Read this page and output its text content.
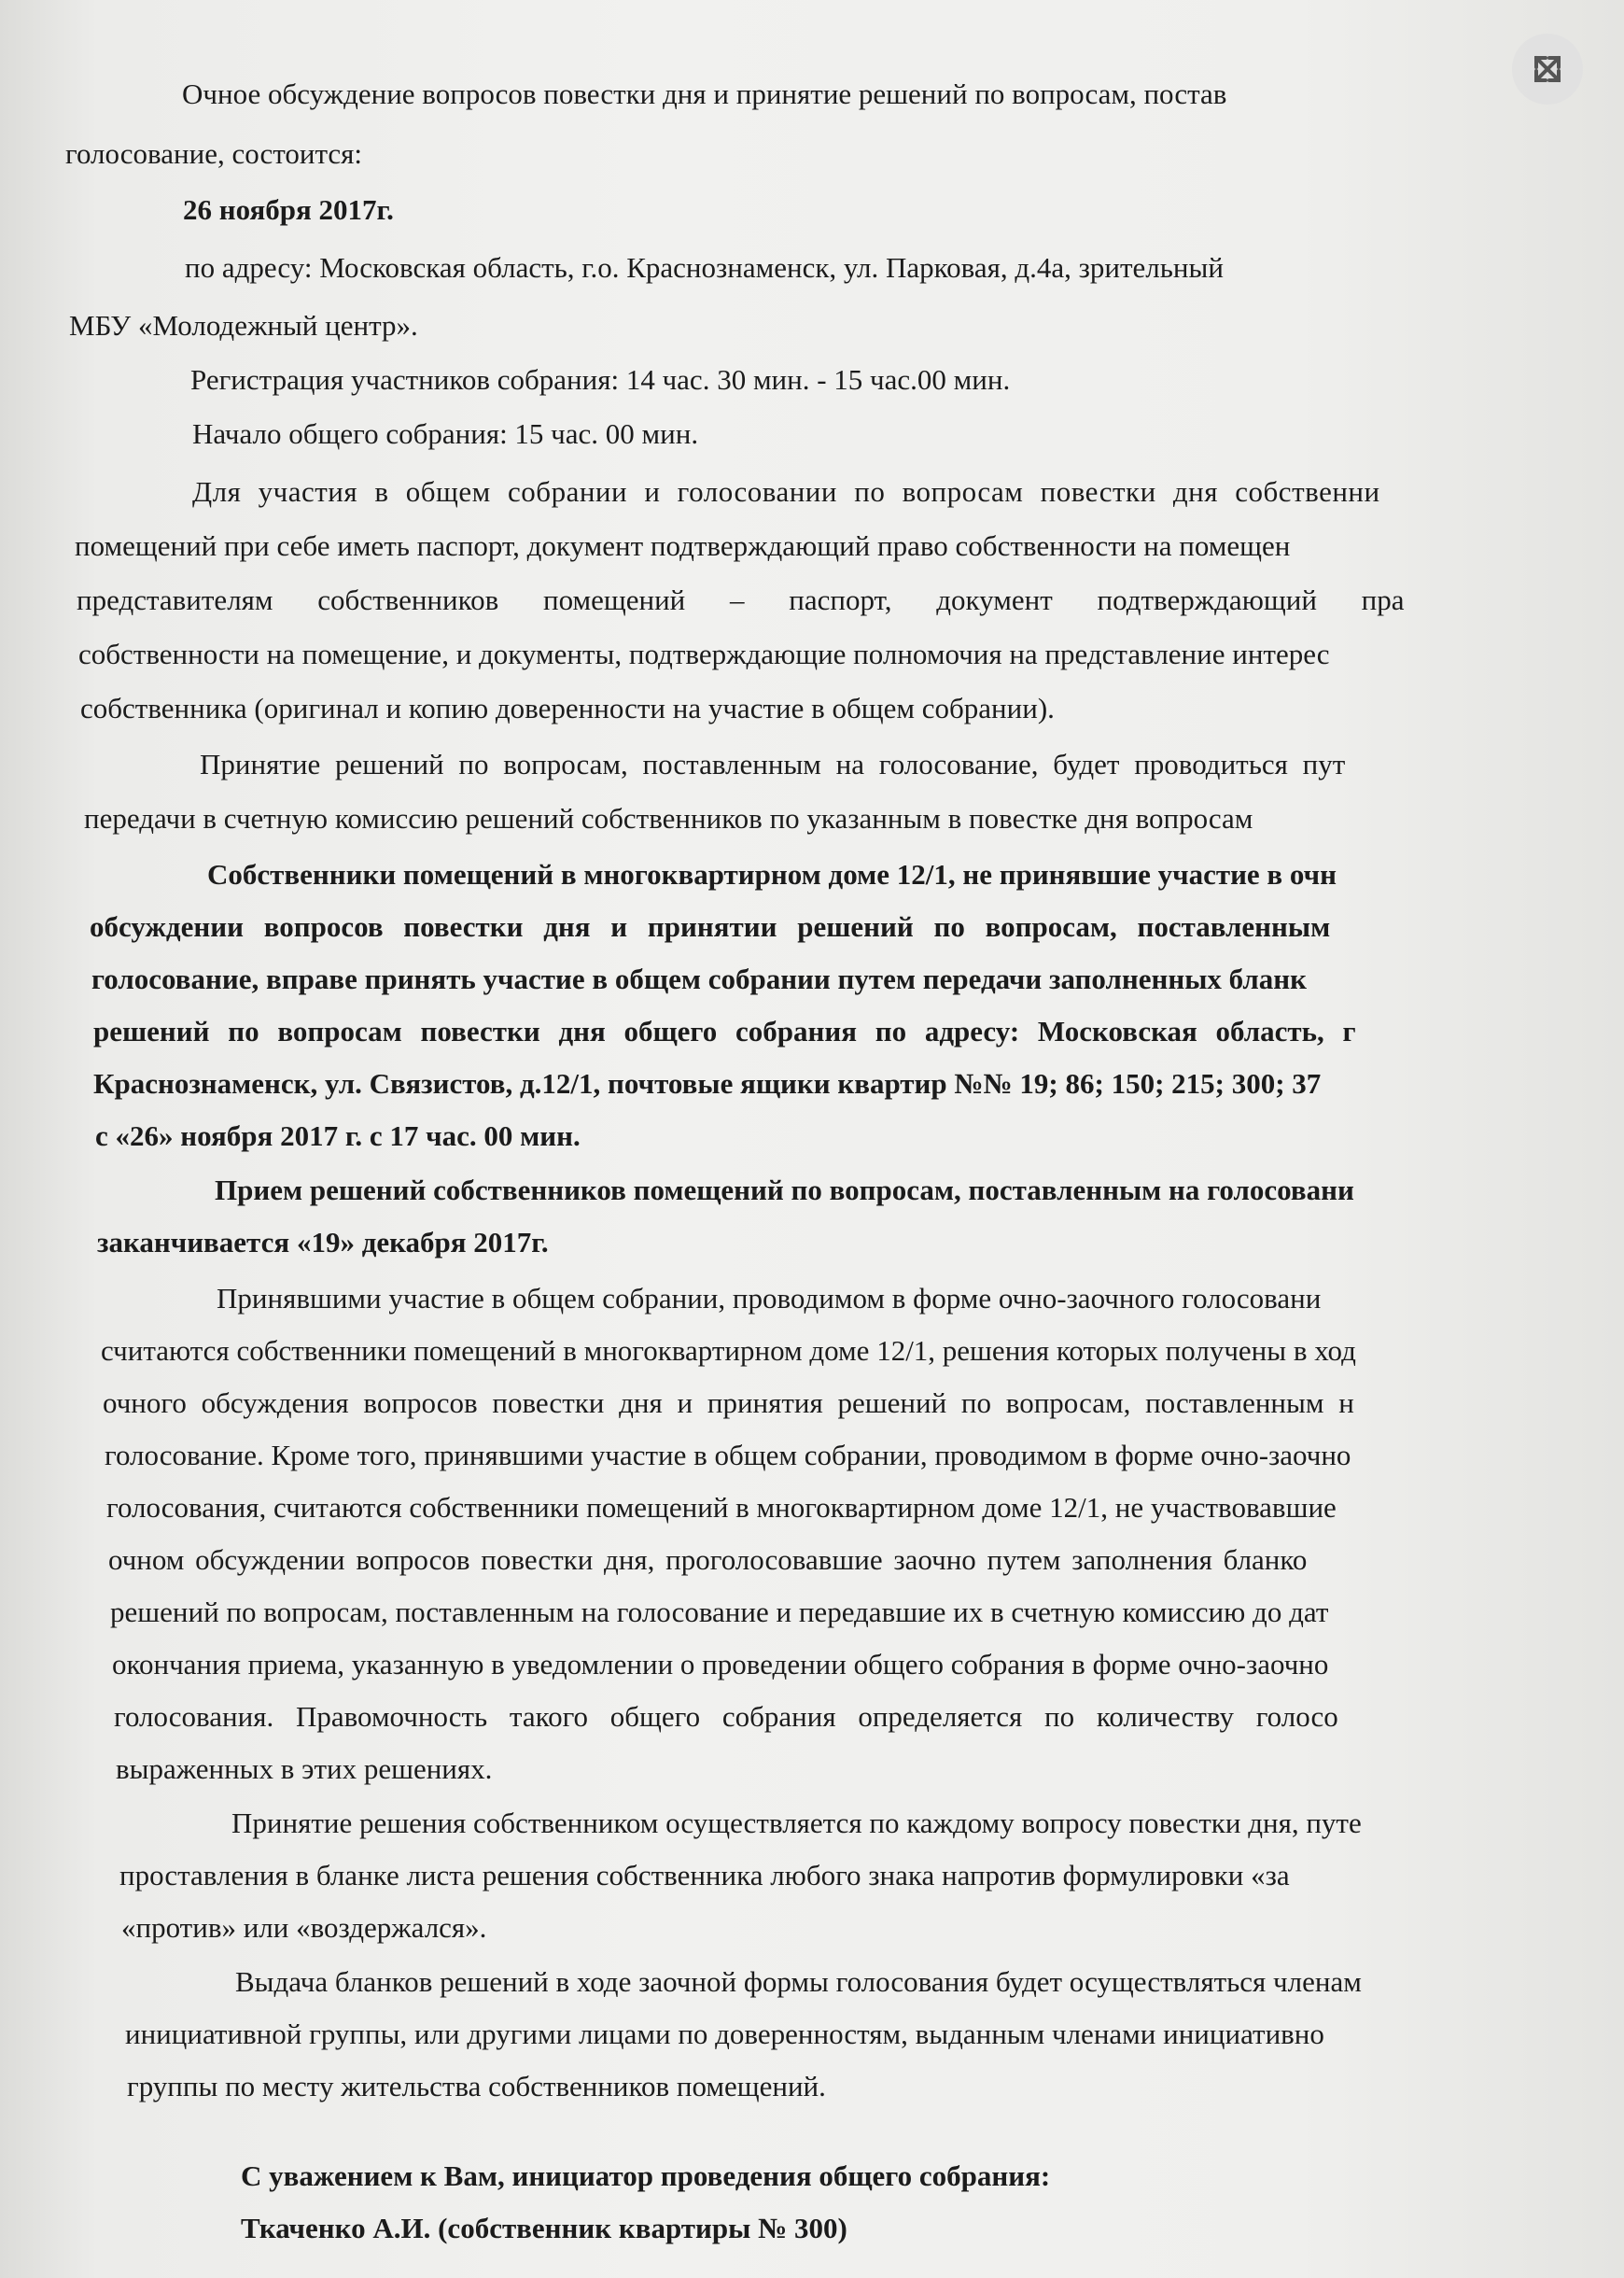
Очное обсуждение вопросов повестки дня и принятие решений по вопросам, постав

голосование, состоится:

26 ноября 2017г.

по адресу: Московская область, г.о. Краснознаменск, ул. Парковая, д.4а, зрительный

МБУ «Молодежный центр».

Регистрация участников собрания: 14 час. 30 мин. - 15 час.00 мин.

Начало общего собрания: 15 час. 00 мин.

Для участия в общем собрании и голосовании по вопросам повестки дня собственни

помещений при себе иметь паспорт, документ подтверждающий право собственности на помещен

представителям собственников помещений – паспорт, документ подтверждающий пра

собственности на помещение, и документы, подтверждающие полномочия на представление интерес

собственника (оригинал и копию доверенности на участие в общем собрании).

Принятие решений по вопросам, поставленным на голосование, будет проводиться пут

передачи в счетную комиссию решений собственников по указанным в повестке дня вопросам

Собственники помещений в многоквартирном доме 12/1, не принявшие участие в очн

обсуждении вопросов повестки дня и принятии решений по вопросам, поставленным

голосование, вправе принять участие в общем собрании путем передачи заполненных бланк

решений по вопросам повестки дня общего собрания по адресу: Московская область, г

Краснознаменск, ул. Связистов, д.12/1, почтовые ящики квартир №№ 19; 86; 150; 215; 300; 37

с «26» ноября 2017 г. с 17 час. 00 мин.

Прием решений собственников помещений по вопросам, поставленным на голосовани

заканчивается «19» декабря 2017г.

Принявшими участие в общем собрании, проводимом в форме очно-заочного голосовани

считаются собственники помещений в многоквартирном доме 12/1, решения которых получены в ход

очного обсуждения вопросов повестки дня и принятия решений по вопросам, поставленным н

голосование. Кроме того, принявшими участие в общем собрании, проводимом в форме очно-заочно

голосования, считаются собственники помещений в многоквартирном доме 12/1, не участвовавшие

очном обсуждении вопросов повестки дня, проголосовавшие заочно путем заполнения бланко

решений по вопросам, поставленным на голосование и передавшие их в счетную комиссию до дат

окончания приема, указанную в уведомлении о проведении общего собрания в форме очно-заочно

голосования. Правомочность такого общего собрания определяется по количеству голосо

выраженных в этих решениях.

Принятие решения собственником осуществляется по каждому вопросу повестки дня, путе

проставления в бланке листа решения собственника любого знака напротив формулировки «за

«против» или «воздержался».

Выдача бланков решений в ходе заочной формы голосования будет осуществляться членам

инициативной группы, или другими лицами по доверенностям, выданным членами инициативно

группы по месту жительства собственников помещений.

С уважением к Вам, инициатор проведения общего собрания:

Ткаченко А.И. (собственник квартиры № 300)
